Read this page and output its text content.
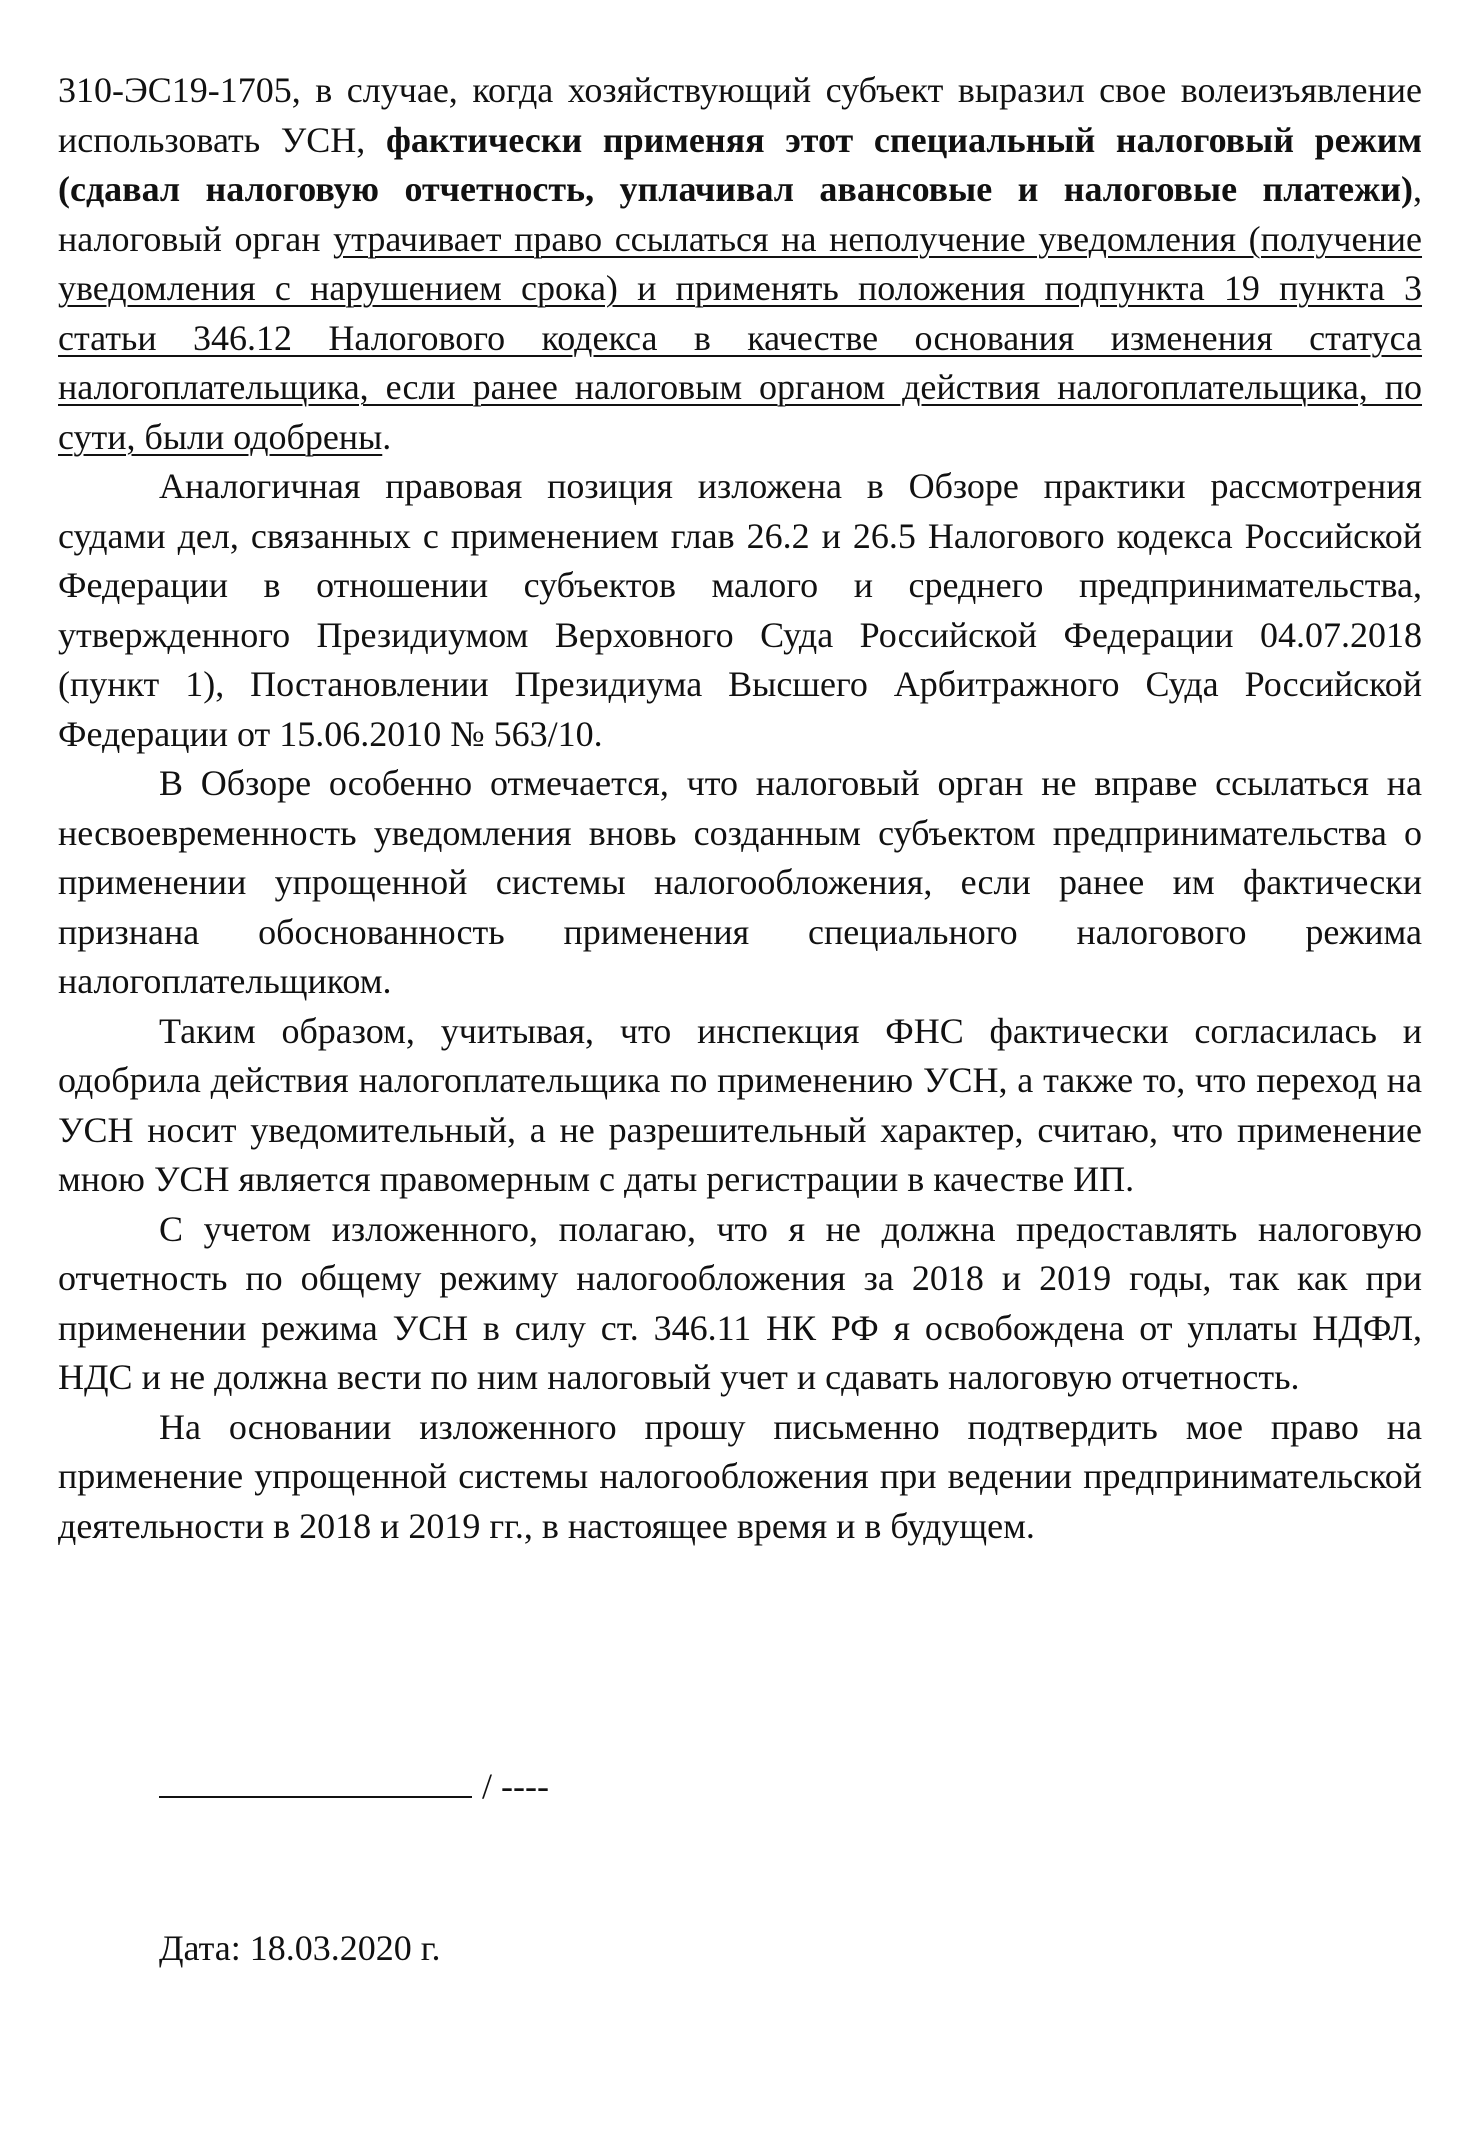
310-ЭС19-1705, в случае, когда хозяйствующий субъект выразил свое волеизъявление использовать УСН, фактически применяя этот специальный налоговый режим (сдавал налоговую отчетность, уплачивал авансовые и налоговые платежи), налоговый орган утрачивает право ссылаться на неполучение уведомления (получение уведомления с нарушением срока) и применять положения подпункта 19 пункта 3 статьи 346.12 Налогового кодекса в качестве основания изменения статуса налогоплательщика, если ранее налоговым органом действия налогоплательщика, по сути, были одобрены.

Аналогичная правовая позиция изложена в Обзоре практики рассмотрения судами дел, связанных с применением глав 26.2 и 26.5 Налогового кодекса Российской Федерации в отношении субъектов малого и среднего предпринимательства, утвержденного Президиумом Верховного Суда Российской Федерации 04.07.2018 (пункт 1), Постановлении Президиума Высшего Арбитражного Суда Российской Федерации от 15.06.2010 № 563/10.

В Обзоре особенно отмечается, что налоговый орган не вправе ссылаться на несвоевременность уведомления вновь созданным субъектом предпринимательства о применении упрощенной системы налогообложения, если ранее им фактически признана обоснованность применения специального налогового режима налогоплательщиком.

Таким образом, учитывая, что инспекция ФНС фактически согласилась и одобрила действия налогоплательщика по применению УСН, а также то, что переход на УСН носит уведомительный, а не разрешительный характер, считаю, что применение мною УСН является правомерным с даты регистрации в качестве ИП.

С учетом изложенного, полагаю, что я не должна предоставлять налоговую отчетность по общему режиму налогообложения за 2018 и 2019 годы, так как при применении режима УСН в силу ст. 346.11 НК РФ я освобождена от уплаты НДФЛ, НДС и не должна вести по ним налоговый учет и сдавать налоговую отчетность.

На основании изложенного прошу письменно подтвердить мое право на применение упрощенной системы налогообложения при ведении предпринимательской деятельности в 2018 и 2019 гг., в настоящее время и в будущем.

/ ----
Дата: 18.03.2020 г.
